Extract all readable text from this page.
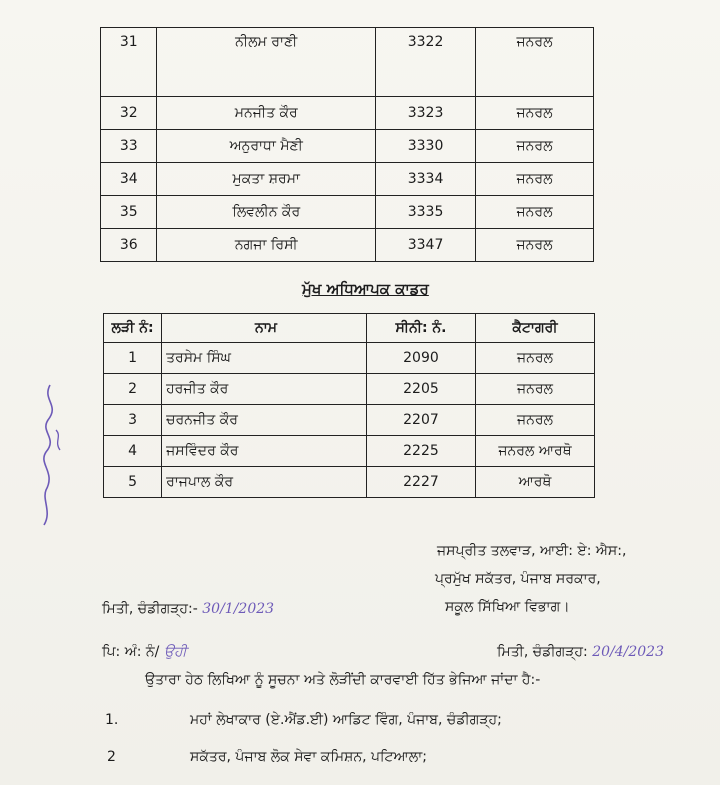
31	ਨੀਲਮ ਰਾਣੀ	3322	ਜਨਰਲ
32	ਮਨਜੀਤ ਕੌਰ	3323	ਜਨਰਲ
33	ਅਨੁਰਾਧਾ ਮੈਣੀ	3330	ਜਨਰਲ
34	ਮੁਕਤਾ ਸ਼ਰਮਾ	3334	ਜਨਰਲ
35	ਲਿਵਲੀਨ ਕੌਰ	3335	ਜਨਰਲ
36	ਨਗਜਾ ਰਿਸੀ	3347	ਜਨਰਲ
ਮੁੱਖ ਅਧਿਆਪਕ ਕਾਡਰ
ਲੜੀ ਨੰ:	ਨਾਮ	ਸੀਨੀ: ਨੰ.	ਕੈਟਾਗਰੀ
1	ਤਰਸੇਮ ਸਿੰਘ	2090	ਜਨਰਲ
2	ਹਰਜੀਤ ਕੌਰ	2205	ਜਨਰਲ
3	ਚਰਨਜੀਤ ਕੌਰ	2207	ਜਨਰਲ
4	ਜਸਵਿੰਦਰ ਕੌਰ	2225	ਜਨਰਲ ਆਰਥੋ
5	ਰਾਜਪਾਲ ਕੌਰ	2227	ਆਰਥੋ
ਜਸਪ੍ਰੀਤ ਤਲਵਾੜ, ਆਈ: ਏ: ਐਸ:,
ਪ੍ਰਮੁੱਖ ਸਕੱਤਰ, ਪੰਜਾਬ ਸਰਕਾਰ,
ਸਕੂਲ ਸਿੱਖਿਆ ਵਿਭਾਗ।
ਮਿਤੀ, ਚੰਡੀਗੜ੍ਹ:- 30/1/2023
ਪਿ: ਅੰ: ਨੰ/ ਉਹੀ	ਮਿਤੀ, ਚੰਡੀਗੜ੍ਹ: 20/4/2023
ਉਤਾਰਾ ਹੇਠ ਲਿਖਿਆ ਨੂੰ ਸੂਚਨਾ ਅਤੇ ਲੋੜੀਂਦੀ ਕਾਰਵਾਈ ਹਿੱਤ ਭੇਜਿਆ ਜਾਂਦਾ ਹੈ:-
1.	ਮਹਾਂ ਲੇਖਾਕਾਰ (ਏ.ਐਂਡ.ਈ) ਆਡਿਟ ਵਿੰਗ, ਪੰਜਾਬ, ਚੰਡੀਗੜ੍ਹ;
2	ਸਕੱਤਰ, ਪੰਜਾਬ ਲੋਕ ਸੇਵਾ ਕਮਿਸ਼ਨ, ਪਟਿਆਲਾ;
